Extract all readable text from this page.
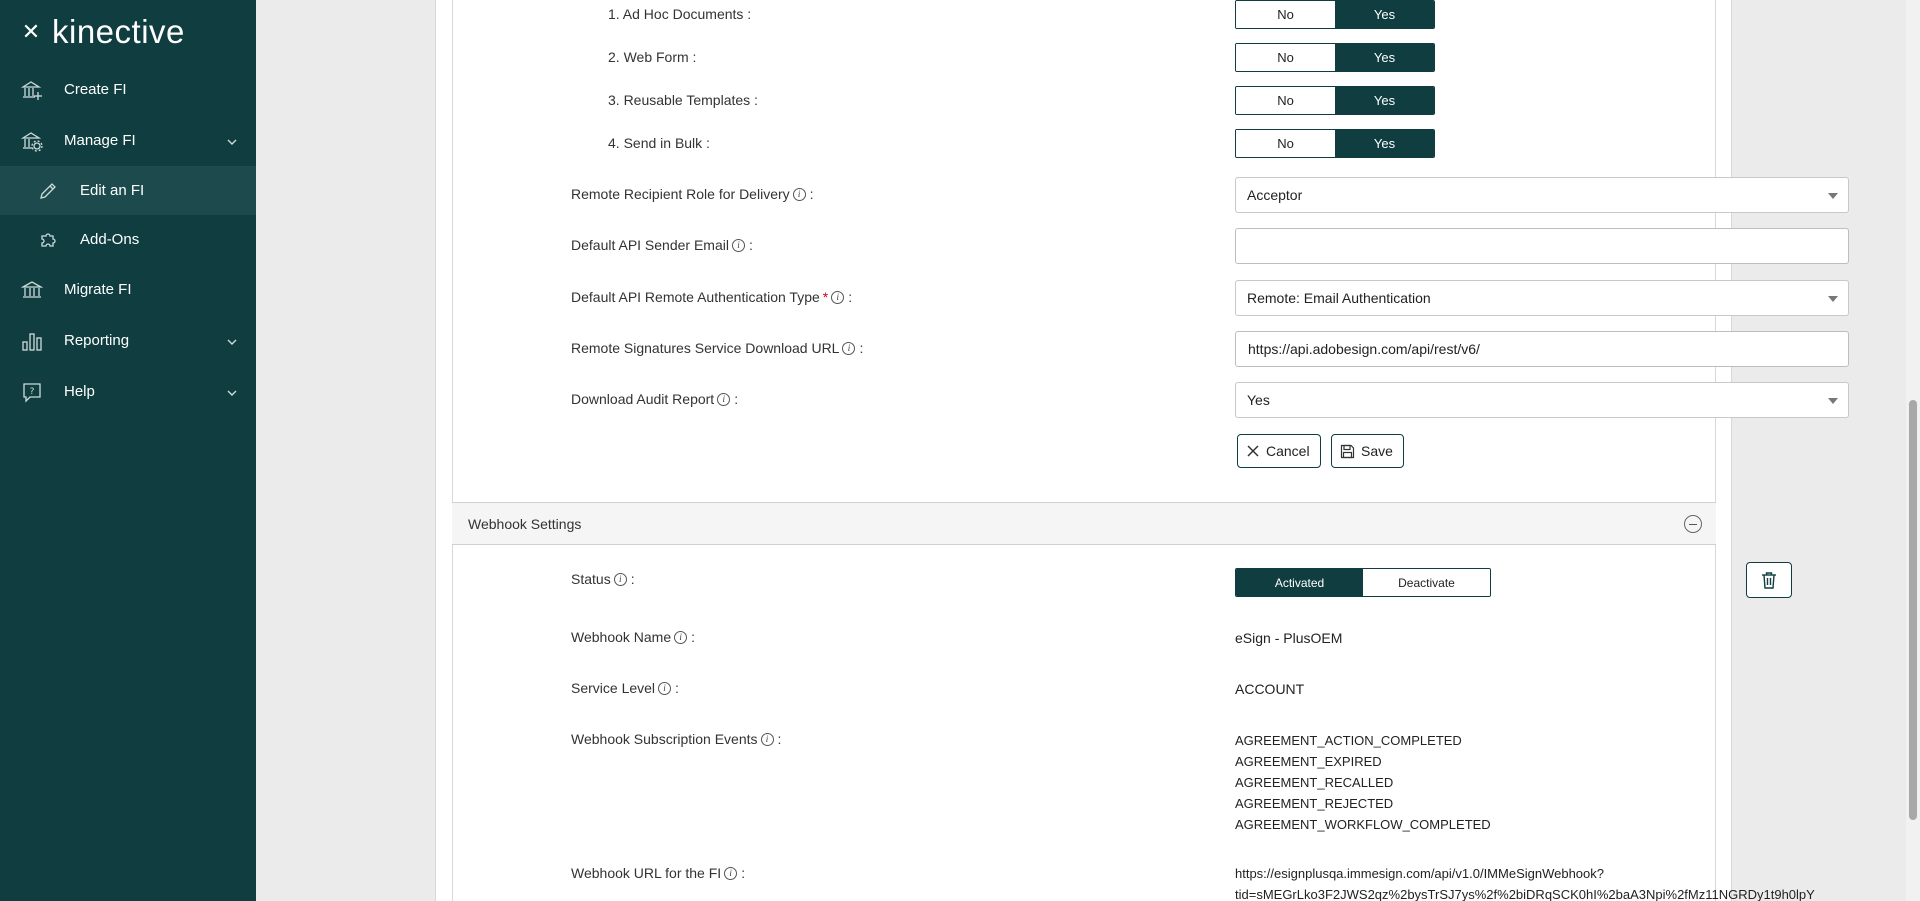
✕ kinective
Create FI
Manage FI
Edit an FI
Add-Ons
Migrate FI
Reporting
? Help
1. Ad Hoc Documents :	No	Yes
2. Web Form :	No	Yes
3. Reusable Templates :	No	Yes
4. Send in Bulk :	No	Yes
Remote Recipient Role for Delivery i :	Acceptor
Default API Sender Email i :
Default API Remote Authentication Type * i :	Remote: Email Authentication
Remote Signatures Service Download URL i :	https://api.adobesign.com/api/rest/v6/
Download Audit Report i :	Yes
Cancel	Save
Webhook Settings
Status i :	Activated	Deactivate
Webhook Name i :	eSign - PlusOEM
Service Level i :	ACCOUNT
Webhook Subscription Events i :	AGREEMENT_ACTION_COMPLETED
AGREEMENT_EXPIRED
AGREEMENT_RECALLED
AGREEMENT_REJECTED
AGREEMENT_WORKFLOW_COMPLETED
Webhook URL for the FI i :	https://esignplusqa.immesign.com/api/v1.0/IMMeSignWebhook?
tid=sMEGrLko3F2JWS2qz%2bysTrSJ7ys%2f%2biDRqSCK0hI%2baA3Npi%2fMz11NGRDy1t9h0lpY
